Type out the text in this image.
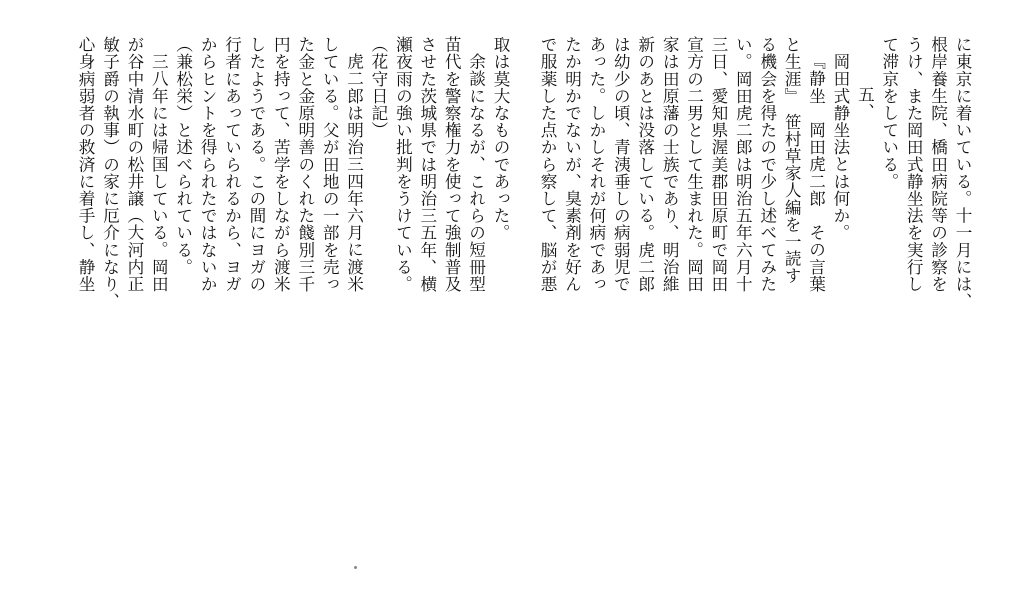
取は莫大なものであった。

余談になるが、これらの短冊型

苗代を警察権力を使って強制普及

させた茨城県では明治三五年、横

瀬夜雨の強い批判をうけている。

（花守日記）

虎二郎は明治三四年六月に渡米

している。父が田地の一部を売っ

た金と金原明善のくれた餞別三千

円を持って、苦学をしながら渡米

したようである。この間にヨガの

行者にあっていられるから、ヨガ

からヒントを得られたではないか

（兼松栄）と述べられている。

三八年には帰国している。岡田

が谷中清水町の松井譲（大河内正

敏子爵の執事）の家に厄介になり、

心身病弱者の救済に着手し、静坐	に東京に着いている。十一月には、

根岸養生院、橋田病院等の診察を

うけ、また岡田式静坐法を実行し

て滞京をしている。

五、

岡田式静坐法とは何か。

『静坐　岡田虎二郎　その言葉

と生涯』　笹村草家人編を一読す

る機会を得たので少し述べてみた

い。岡田虎二郎は明治五年六月十

三日、愛知県渥美郡田原町で岡田

宣方の二男として生まれた。岡田

家は田原藩の士族であり、明治維

新のあとは没落している。虎二郎

は幼少の頃、青洟垂しの病弱児で

あった。しかしそれが何病であっ

たか明かでないが、臭素剤を好ん

で服薬した点から察して、脳が悪
